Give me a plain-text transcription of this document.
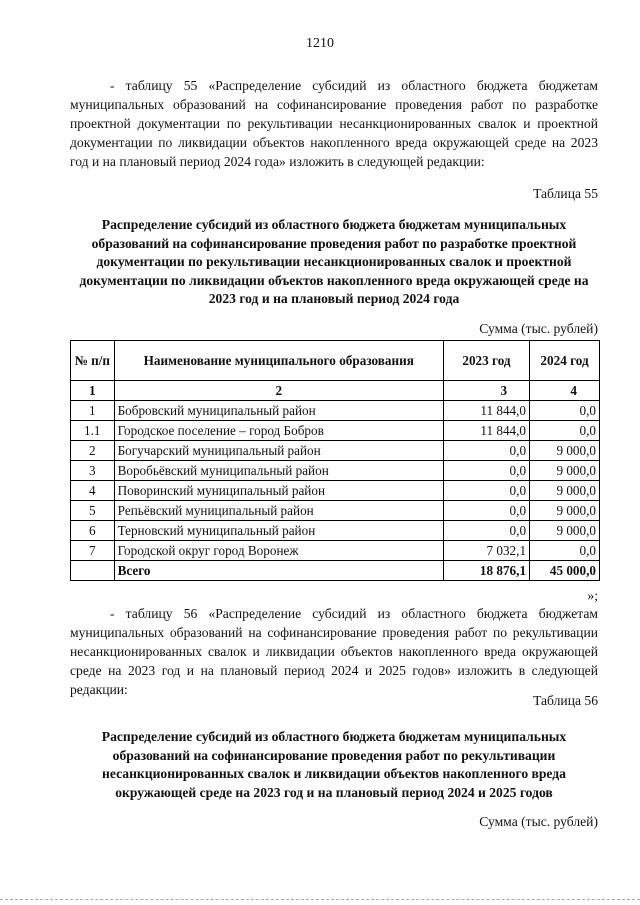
1210

- таблицу 55 «Распределение субсидий из областного бюджета бюджетам муниципальных образований на софинансирование проведения работ по разработке проектной документации по рекультивации несанкционированных свалок и проектной документации по ликвидации объектов накопленного вреда окружающей среде на 2023 год и на плановый период 2024 года» изложить в следующей редакции:

Таблица 55

Распределение субсидий из областного бюджета бюджетам муниципальных образований на софинансирование проведения работ по разработке проектной документации по рекультивации несанкционированных свалок и проектной документации по ликвидации объектов накопленного вреда окружающей среде на 2023 год и на плановый период 2024 года

Сумма (тыс. рублей)
№ п/п	Наименование муниципального образования	2023 год	2024 год
1	2	3	4
1	Бобровский муниципальный район	11 844,0	0,0
1.1	Городское поселение – город Бобров	11 844,0	0,0
2	Богучарский муниципальный район	0,0	9 000,0
3	Воробьёвский муниципальный район	0,0	9 000,0
4	Поворинский муниципальный район	0,0	9 000,0
5	Рeпьёвский муниципальный район	0,0	9 000,0
6	Терновский муниципальный район	0,0	9 000,0
7	Городской округ город Воронеж	7 032,1	0,0
	Всего	18 876,1	45 000,0
»;

- таблицу 56 «Распределение субсидий из областного бюджета бюджетам муниципальных образований на софинансирование проведения работ по рекультивации несанкционированных свалок и ликвидации объектов накопленного вреда окружающей среде на 2023 год и на плановый период 2024 и 2025 годов» изложить в следующей редакции:

Таблица 56

Распределение субсидий из областного бюджета бюджетам муниципальных образований на софинансирование проведения работ по рекультивации несанкционированных свалок и ликвидации объектов накопленного вреда окружающей среде на 2023 год и на плановый период 2024 и 2025 годов

Сумма (тыс. рублей)
